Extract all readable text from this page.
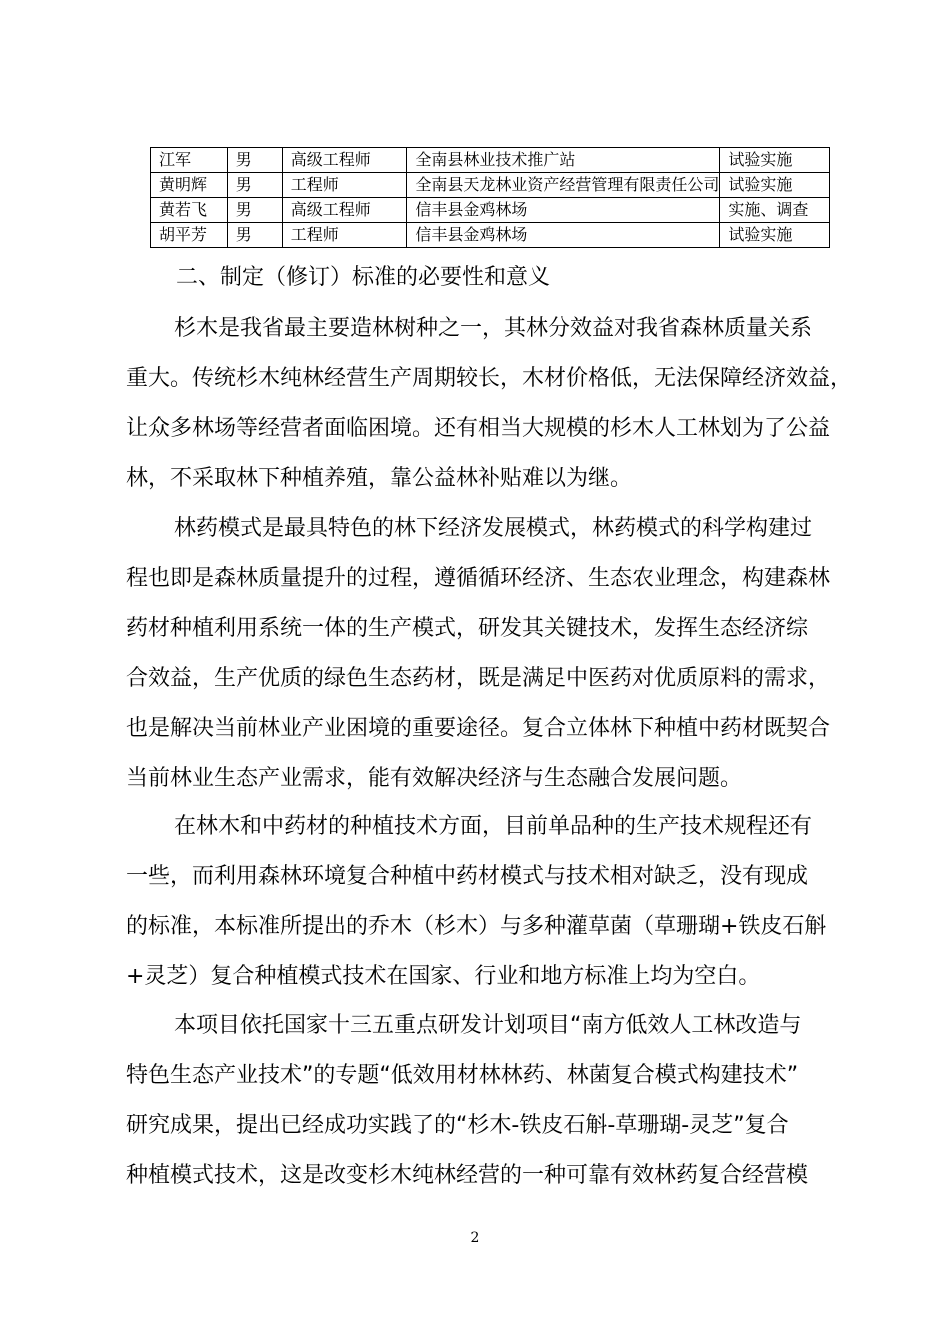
江军	男	高级工程师	全南县林业技术推广站	试验实施
黄明辉	男	工程师	全南县天龙林业资产经营管理有限责任公司	试验实施
黄若飞	男	高级工程师	信丰县金鸡林场	实施、调查
胡平芳	男	工程师	信丰县金鸡林场	试验实施
二、制定（修订）标准的必要性和意义
杉木是我省最主要造林树种之一，其林分效益对我省森林质量关系
重大。传统杉木纯林经营生产周期较长，木材价格低，无法保障经济效益，
让众多林场等经营者面临困境。还有相当大规模的杉木人工林划为了公益
林，不采取林下种植养殖，靠公益林补贴难以为继。
林药模式是最具特色的林下经济发展模式，林药模式的科学构建过
程也即是森林质量提升的过程，遵循循环经济、生态农业理念，构建森林
药材种植利用系统一体的生产模式，研发其关键技术，发挥生态经济综
合效益，生产优质的绿色生态药材，既是满足中医药对优质原料的需求，
也是解决当前林业产业困境的重要途径。复合立体林下种植中药材既契合
当前林业生态产业需求，能有效解决经济与生态融合发展问题。
在林木和中药材的种植技术方面，目前单品种的生产技术规程还有
一些，而利用森林环境复合种植中药材模式与技术相对缺乏，没有现成
的标准，本标准所提出的乔木（杉木）与多种灌草菌（草珊瑚+铁皮石斛
+灵芝）复合种植模式技术在国家、行业和地方标准上均为空白。
本项目依托国家十三五重点研发计划项目“南方低效人工林改造与
特色生态产业技术”的专题“低效用材林林药、林菌复合模式构建技术”
研究成果，提出已经成功实践了的“杉木-铁皮石斛-草珊瑚-灵芝”复合
种植模式技术，这是改变杉木纯林经营的一种可靠有效林药复合经营模
2
